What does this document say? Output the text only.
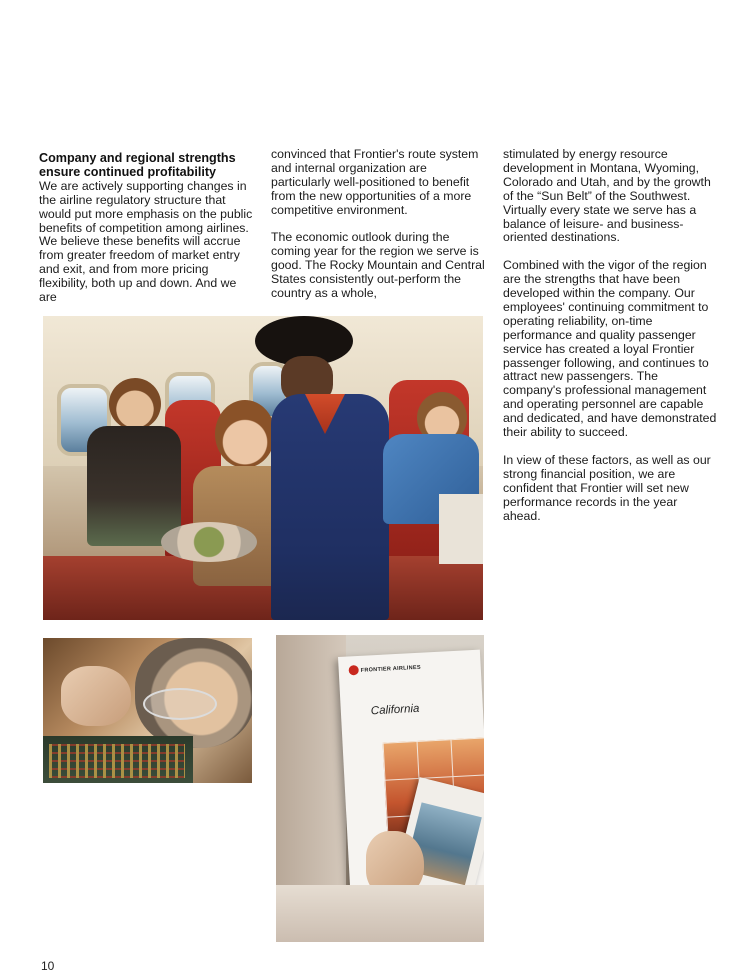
Company and regional strengths ensure continued profitability

We are actively supporting changes in the airline regulatory structure that would put more emphasis on the public benefits of competition among airlines. We believe these benefits will accrue from greater freedom of market entry and exit, and from more pricing flexibility, both up and down. And we are

convinced that Frontier's route system and internal organization are particularly well-positioned to benefit from the new opportunities of a more competitive environment.

The economic outlook during the coming year for the region we serve is good. The Rocky Mountain and Central States consistently out-perform the country as a whole,

stimulated by energy resource development in Montana, Wyoming, Colorado and Utah, and by the growth of the “Sun Belt” of the Southwest. Virtually every state we serve has a balance of leisure- and business-oriented destinations.

Combined with the vigor of the region are the strengths that have been developed within the company. Our employees' continuing commitment to operating reliability, on-time performance and quality passenger service has created a loyal Frontier passenger following, and continues to attract new passengers. The company's professional management and operating personnel are capable and dedicated, and have demonstrated their ability to succeed.

In view of these factors, as well as our strong financial position, we are confident that Frontier will set new performance records in the year ahead.

FRONTIER AIRLINES
California
10
